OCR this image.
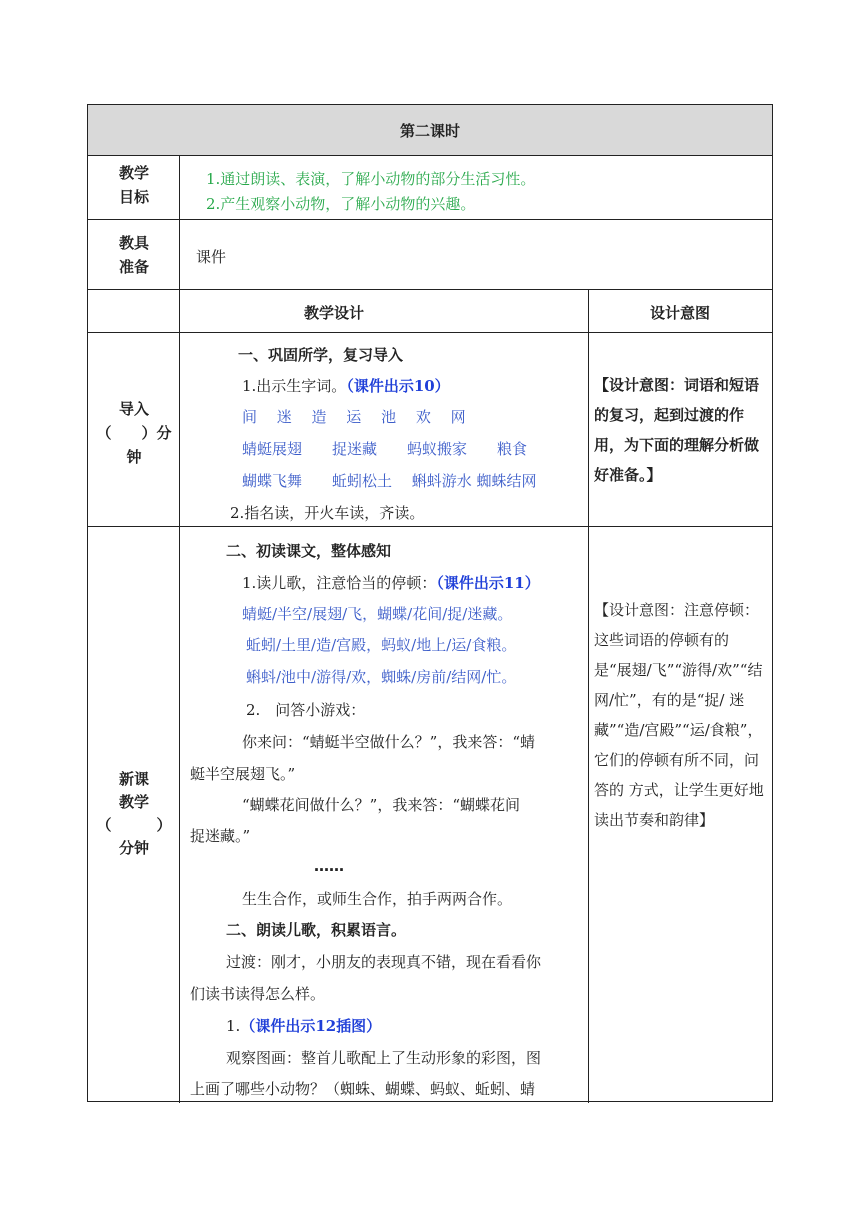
第二课时
教学
目标
1.通过朗读、表演，了解小动物的部分生活习性。
2.产生观察小动物，了解小动物的兴趣。
教具
准备
课件
教学设计	设计意图
导入
（　　）分
钟
一、巩固所学，复习导入
1.出示生字词。（课件出示10）
间　 迷　 造　 运　 池　 欢　 网
蜻蜓展翅　　捉迷藏　　蚂蚁搬家　　粮食
蝴蝶飞舞　　蚯蚓松土　 蝌蚪游水 蜘蛛结网
2.指名读，开火车读，齐读。
【设计意图：词语和短语的复习，起到过渡的作用，为下面的理解分析做好准备。】
新课
教学
（　　　）
分钟
二、初读课文，整体感知
1.读儿歌，注意恰当的停顿：（课件出示11）
蜻蜓/半空/展翅/飞，蝴蝶/花间/捉/迷藏。
蚯蚓/土里/造/宫殿，蚂蚁/地上/运/食粮。
蝌蚪/池中/游得/欢，蜘蛛/房前/结网/忙。
2.　问答小游戏：
你来问：“蜻蜓半空做什么？”，我来答：“蜻
蜓半空展翅飞。”
“蝴蝶花间做什么？”，我来答：“蝴蝶花间
捉迷藏。”
……
生生合作，或师生合作，拍手两两合作。
二、朗读儿歌，积累语言。
过渡：刚才，小朋友的表现真不错，现在看看你
们读书读得怎么样。
1.（课件出示12插图）
观察图画：整首儿歌配上了生动形象的彩图，图
上画了哪些小动物？（蜘蛛、蝴蝶、蚂蚁、蚯蚓、蜻
【设计意图：注意停顿：这些词语的停顿有的是“展翅/飞”“游得/欢”“结网/忙”，有的是“捉/ 迷藏”“造/宫殿”“运/食粮”，它们的停顿有所不同，问答的 方式，让学生更好地读出节奏和韵律】
